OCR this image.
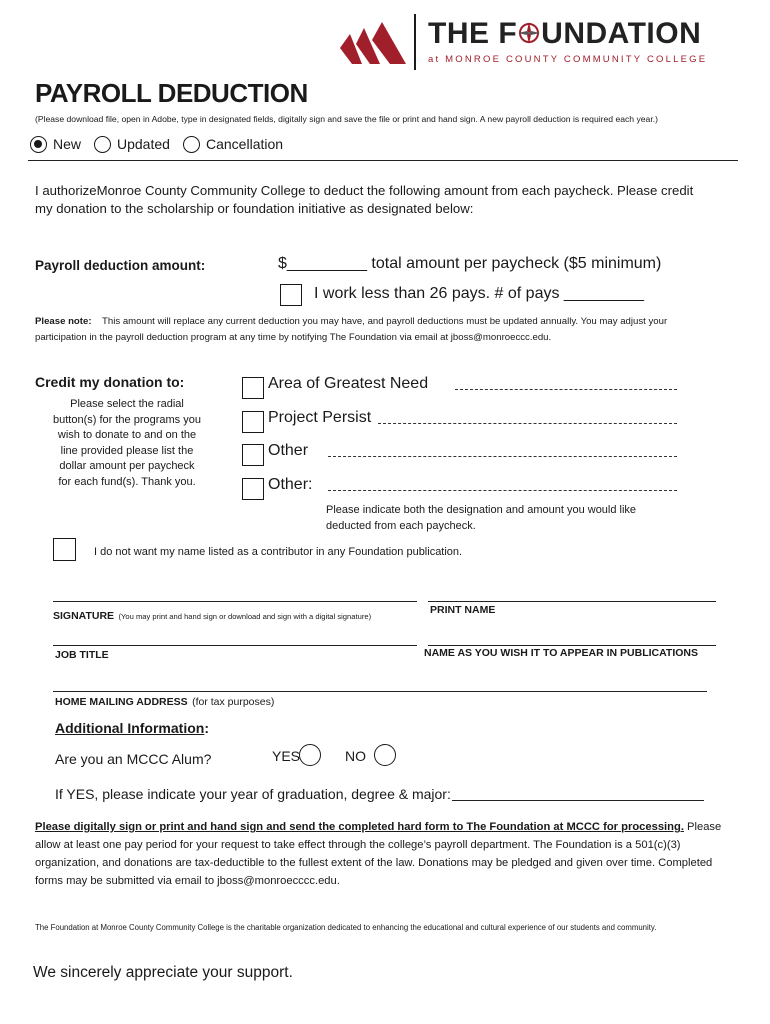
THE F UNDATION
at MONROE COUNTY COMMUNITY COLLEGE
PAYROLL DEDUCTION
(Please download file, open in Adobe, type in designated fields, digitally sign and save the file or print and hand sign. A new payroll deduction is required each year.)
New	Updated	Cancellation
I authorizeMonroe County Community College to deduct the following amount from each paycheck. Please credit my donation to the scholarship or foundation initiative as designated below:
Payroll deduction amount:	$_________ total amount per paycheck ($5 minimum)
I work less than 26 pays. # of pays _________
Please note: This amount will replace any current deduction you may have, and payroll deductions must be updated annually. You may adjust your participation in the payroll deduction program at any time by notifying The Foundation via email at jboss@monroeccc.edu.
Credit my donation to:
Please select the radial button(s) for the programs you wish to donate to and on the line provided please list the dollar amount per paycheck for each fund(s). Thank you.
Area of Greatest Need
Project Persist
Other
Other:
Please indicate both the designation and amount you would like deducted from each paycheck.
I do not want my name listed as a contributor in any Foundation publication.
SIGNATURE (You may print and hand sign or download and sign with a digital signature)
PRINT NAME
JOB TITLE	NAME AS YOU WISH IT TO APPEAR IN PUBLICATIONS
HOME MAILING ADDRESS (for tax purposes)
Additional Information:
Are you an MCCC Alum?	YES	NO
If YES, please indicate your year of graduation, degree & major:
Please digitally sign or print and hand sign and send the completed hard form to The Foundation at MCCC for processing. Please allow at least one pay period for your request to take effect through the college’s payroll department. The Foundation is a 501(c)(3) organization, and donations are tax-deductible to the fullest extent of the law. Donations may be pledged and given over time. Completed forms may be submitted via email to jboss@monroecccc.edu.
The Foundation at Monroe County Community College is the charitable organization dedicated to enhancing the educational and cultural experience of our students and community.
We sincerely appreciate your support.
